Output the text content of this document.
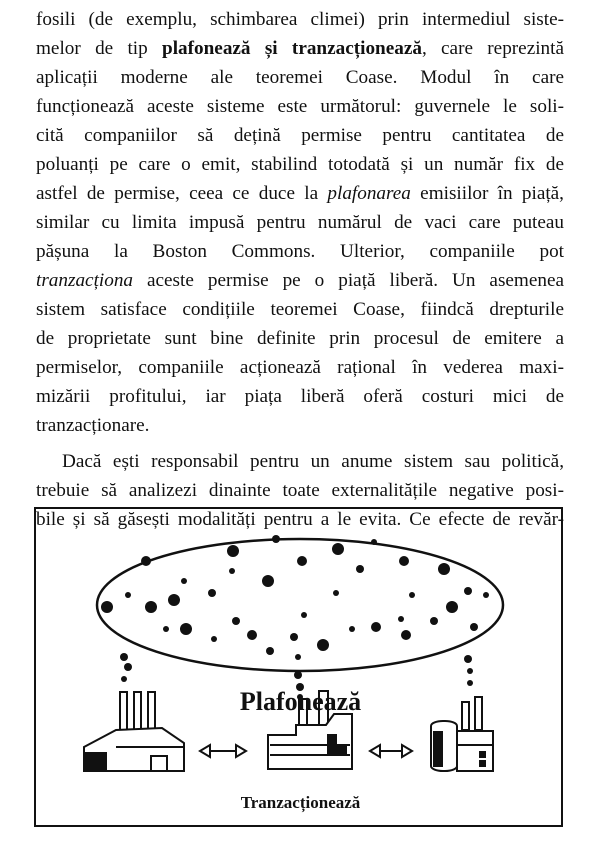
fosili (de exemplu, schimbarea climei) prin intermediul siste-
melor de tip plafonează și tranzacționează, care reprezintă
aplicații moderne ale teoremei Coase. Modul în care
funcționează aceste sisteme este următorul: guvernele le soli-
cită companiilor să dețină permise pentru cantitatea de
poluanți pe care o emit, stabilind totodată și un număr fix de
astfel de permise, ceea ce duce la plafonarea emisiilor în piață,
similar cu limita impusă pentru numărul de vaci care puteau
pășuna la Boston Commons. Ulterior, companiile pot
tranzacționa aceste permise pe o piață liberă. Un asemenea
sistem satisface condițiile teoremei Coase, fiindcă drepturile
de proprietate sunt bine definite prin procesul de emitere a
permiselor, companiile acționează rațional în vederea maxi-
mizării profitului, iar piața liberă oferă costuri mici de
tranzacționare.
Dacă ești responsabil pentru un anume sistem sau politică,
trebuie să analizezi dinainte toate externalitățile negative posi-
bile și să găsești modalități pentru a le evita. Ce efecte de revăr-
Plafonează
Tranzacționează
